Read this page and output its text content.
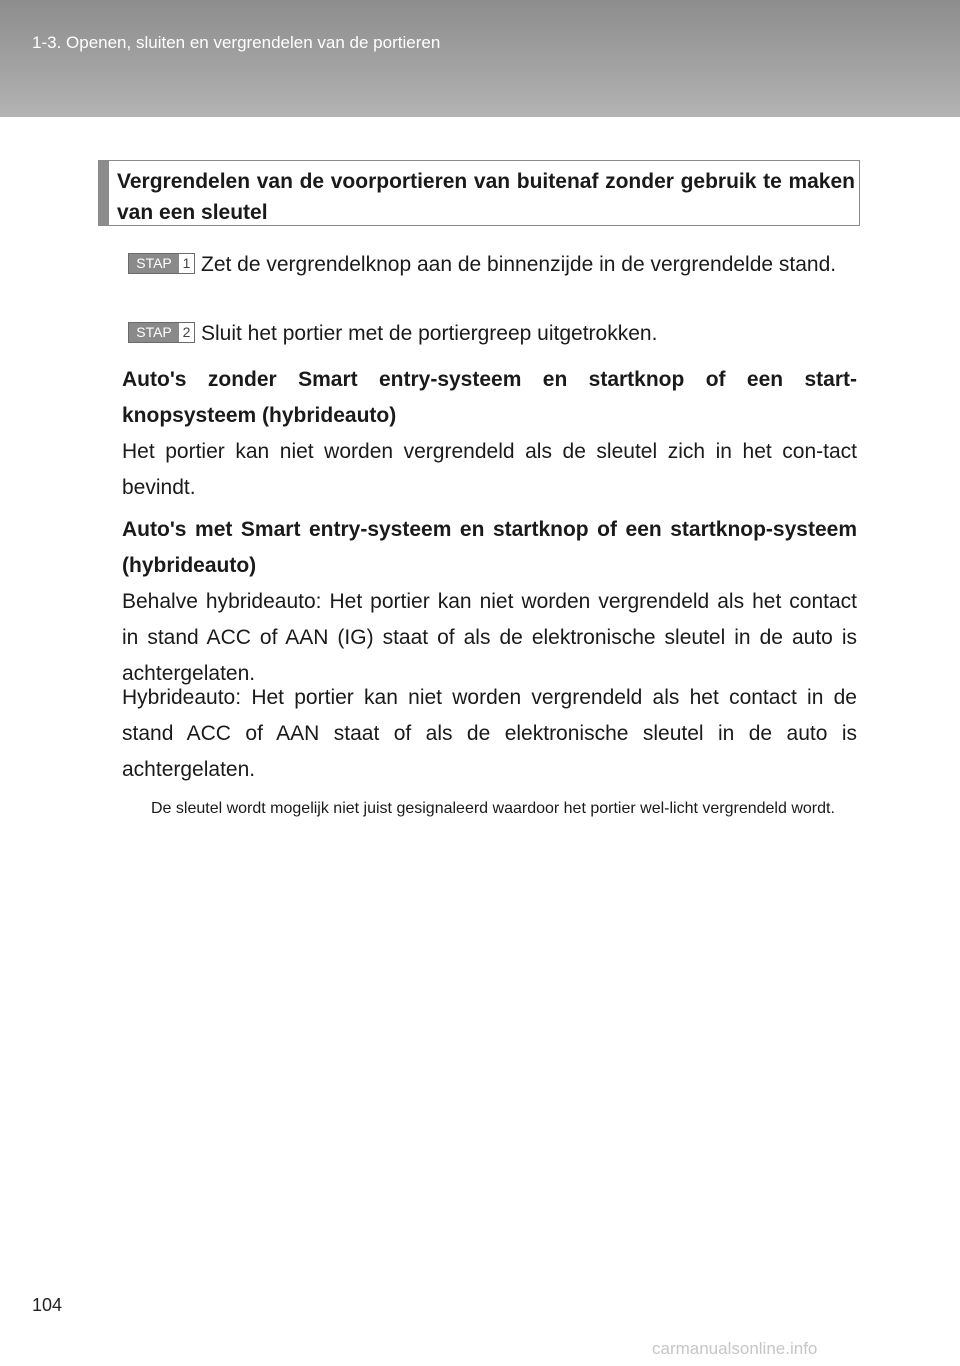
1-3. Openen, sluiten en vergrendelen van de portieren
Vergrendelen van de voorportieren van buitenaf zonder gebruik te maken van een sleutel
STAP 1 Zet de vergrendelknop aan de binnenzijde in de vergrendelde stand.
STAP 2 Sluit het portier met de portiergreep uitgetrokken.

Auto's zonder Smart entry-systeem en startknop of een start-knopsysteem (hybrideauto)

Het portier kan niet worden vergrendeld als de sleutel zich in het con-tact bevindt.

Auto's met Smart entry-systeem en startknop of een startknop-systeem (hybrideauto)

Behalve hybrideauto: Het portier kan niet worden vergrendeld als het contact in stand ACC of AAN (IG) staat of als de elektronische sleutel in de auto is achtergelaten.

Hybrideauto: Het portier kan niet worden vergrendeld als het contact in de stand ACC of AAN staat of als de elektronische sleutel in de auto is achtergelaten.

De sleutel wordt mogelijk niet juist gesignaleerd waardoor het portier wel-licht vergrendeld wordt.

104
carmanualsonline.info
